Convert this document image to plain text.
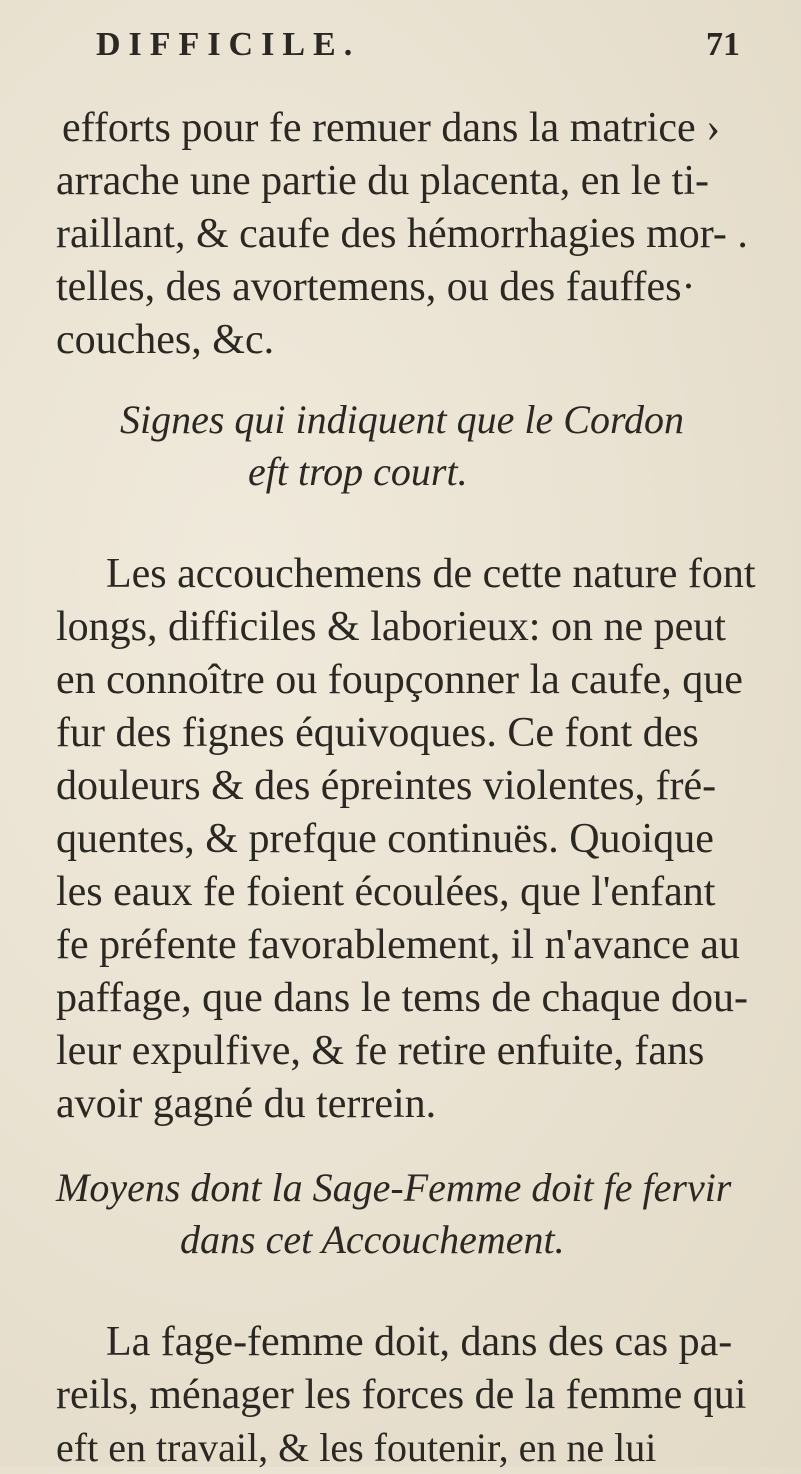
DIFFICILE.	71
efforts pour fe remuer dans la matrice ›
arrache une partie du placenta, en le ti-
raillant, & caufe des hémorrhagies mor- .
telles, des avortemens, ou des fauffes·
couches, &c.
Signes qui indiquent que le Cordon
eft trop court.
Les accouchemens de cette nature font
longs, difficiles & laborieux: on ne peut
en connoître ou foupçonner la caufe, que
fur des fignes équivoques. Ce font des
douleurs & des épreintes violentes, fré-
quentes, & prefque continuës. Quoique
les eaux fe foient écoulées, que l'enfant
fe préfente favorablement, il n'avance au
paffage, que dans le tems de chaque dou-
leur expulfive, & fe retire enfuite, fans
avoir gagné du terrein.
Moyens dont la Sage-Femme doit fe fervir
dans cet Accouchement.
La fage-femme doit, dans des cas pa-
reils, ménager les forces de la femme qui
eft en travail, & les foutenir, en ne lui
